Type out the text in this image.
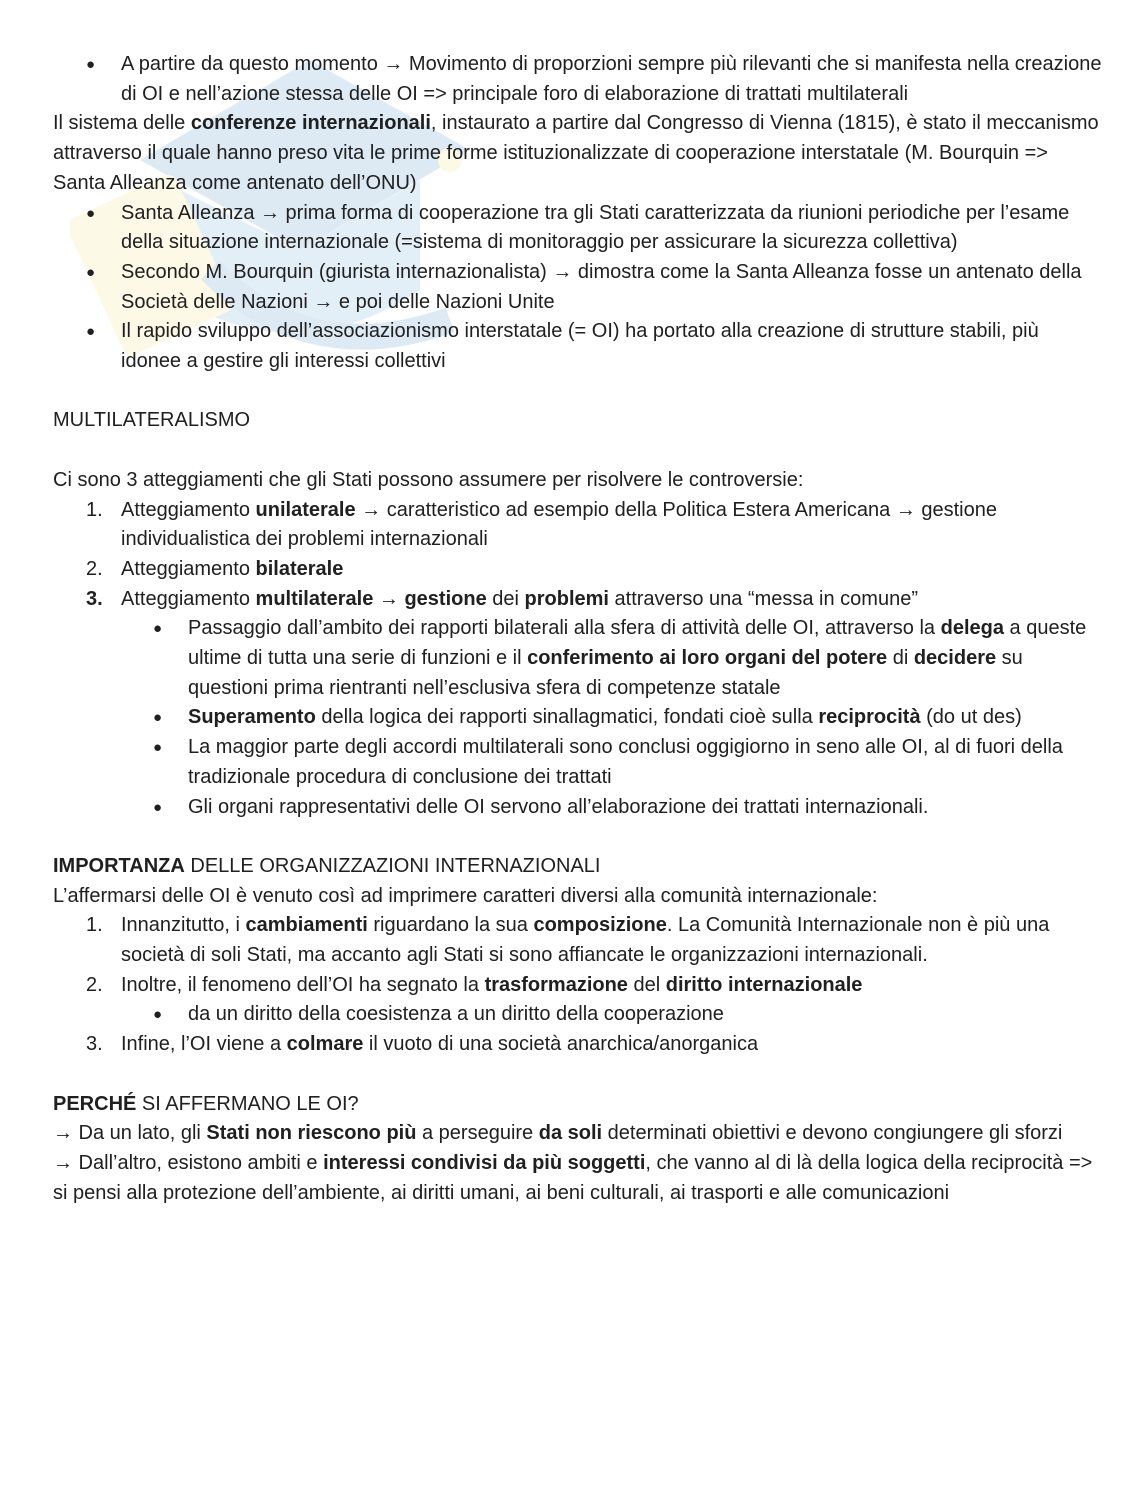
● A partire da questo momento → Movimento di proporzioni sempre più rilevanti che si manifesta nella creazione di OI e nell’azione stessa delle OI => principale foro di elaborazione di trattati multilaterali

Il sistema delle conferenze internazionali, instaurato a partire dal Congresso di Vienna (1815), è stato il meccanismo attraverso il quale hanno preso vita le prime forme istituzionalizzate di cooperazione interstatale (M. Bourquin => Santa Alleanza come antenato dell’ONU)

● Santa Alleanza → prima forma di cooperazione tra gli Stati caratterizzata da riunioni periodiche per l’esame della situazione internazionale (=sistema di monitoraggio per assicurare la sicurezza collettiva)
● Secondo M. Bourquin (giurista internazionalista) → dimostra come la Santa Alleanza fosse un antenato della Società delle Nazioni → e poi delle Nazioni Unite
● Il rapido sviluppo dell’associazionismo interstatale (= OI) ha portato alla creazione di strutture stabili, più idonee a gestire gli interessi collettivi

MULTILATERALISMO

Ci sono 3 atteggiamenti che gli Stati possono assumere per risolvere le controversie:

1. Atteggiamento unilaterale → caratteristico ad esempio della Politica Estera Americana → gestione individualistica dei problemi internazionali
2. Atteggiamento bilaterale
3. Atteggiamento multilaterale → gestione dei problemi attraverso una “messa in comune”
● Passaggio dall’ambito dei rapporti bilaterali alla sfera di attività delle OI, attraverso la delega a queste ultime di tutta una serie di funzioni e il conferimento ai loro organi del potere di decidere su questioni prima rientranti nell’esclusiva sfera di competenze statale
● Superamento della logica dei rapporti sinallagmatici, fondati cioè sulla reciprocità (do ut des)
● La maggior parte degli accordi multilaterali sono conclusi oggigiorno in seno alle OI, al di fuori della tradizionale procedura di conclusione dei trattati
● Gli organi rappresentativi delle OI servono all’elaborazione dei trattati internazionali.

IMPORTANZA DELLE ORGANIZZAZIONI INTERNAZIONALI

L’affermarsi delle OI è venuto così ad imprimere caratteri diversi alla comunità internazionale:

1. Innanzitutto, i cambiamenti riguardano la sua composizione. La Comunità Internazionale non è più una società di soli Stati, ma accanto agli Stati si sono affiancate le organizzazioni internazionali.
2. Inoltre, il fenomeno dell’OI ha segnato la trasformazione del diritto internazionale
● da un diritto della coesistenza a un diritto della cooperazione
3. Infine, l’OI viene a colmare il vuoto di una società anarchica/anorganica

PERCHÉ SI AFFERMANO LE OI?

→ Da un lato, gli Stati non riescono più a perseguire da soli determinati obiettivi e devono congiungere gli sforzi

→ Dall’altro, esistono ambiti e interessi condivisi da più soggetti, che vanno al di là della logica della reciprocità => si pensi alla protezione dell’ambiente, ai diritti umani, ai beni culturali, ai trasporti e alle comunicazioni
